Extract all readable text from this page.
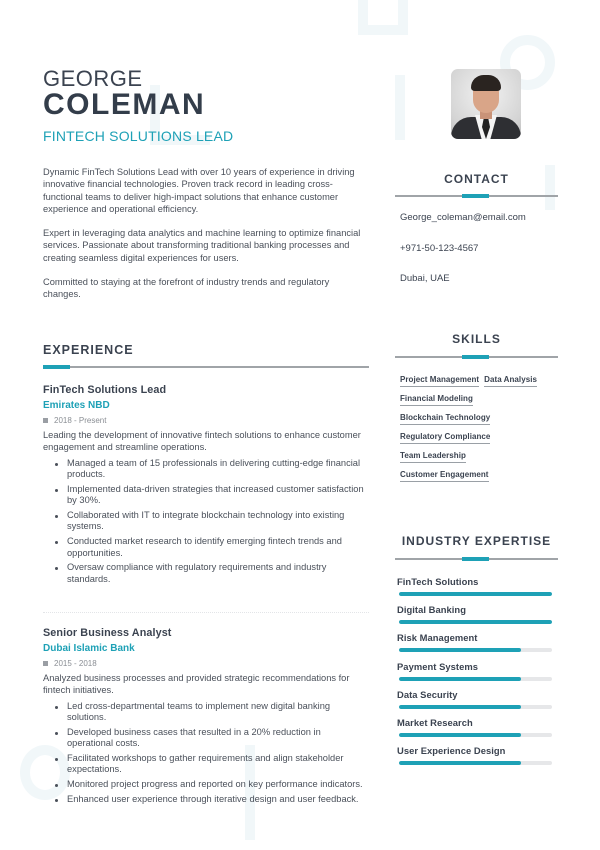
GEORGE
COLEMAN
FINTECH SOLUTIONS LEAD

Dynamic FinTech Solutions Lead with over 10 years of experience in driving innovative financial technologies. Proven track record in leading cross-functional teams to deliver high-impact solutions that enhance customer experience and operational efficiency.

Expert in leveraging data analytics and machine learning to optimize financial services. Passionate about transforming traditional banking processes and creating seamless digital experiences for users.

Committed to staying at the forefront of industry trends and regulatory changes.

EXPERIENCE
FinTech Solutions Lead
Emirates NBD
2018 - Present
Leading the development of innovative fintech solutions to enhance customer engagement and streamline operations.
Managed a team of 15 professionals in delivering cutting-edge financial products.
Implemented data-driven strategies that increased customer satisfaction by 30%.
Collaborated with IT to integrate blockchain technology into existing systems.
Conducted market research to identify emerging fintech trends and opportunities.
Oversaw compliance with regulatory requirements and industry standards.
Senior Business Analyst
Dubai Islamic Bank
2015 - 2018
Analyzed business processes and provided strategic recommendations for fintech initiatives.
Led cross-departmental teams to implement new digital banking solutions.
Developed business cases that resulted in a 20% reduction in operational costs.
Facilitated workshops to gather requirements and align stakeholder expectations.
Monitored project progress and reported on key performance indicators.
Enhanced user experience through iterative design and user feedback.
CONTACT
George_coleman@email.com
+971-50-123-4567
Dubai, UAE
SKILLS
Project Management Data Analysis
Financial Modeling
Blockchain Technology
Regulatory Compliance
Team Leadership
Customer Engagement
INDUSTRY EXPERTISE
FinTech Solutions
Digital Banking
Risk Management
Payment Systems
Data Security
Market Research
User Experience Design
